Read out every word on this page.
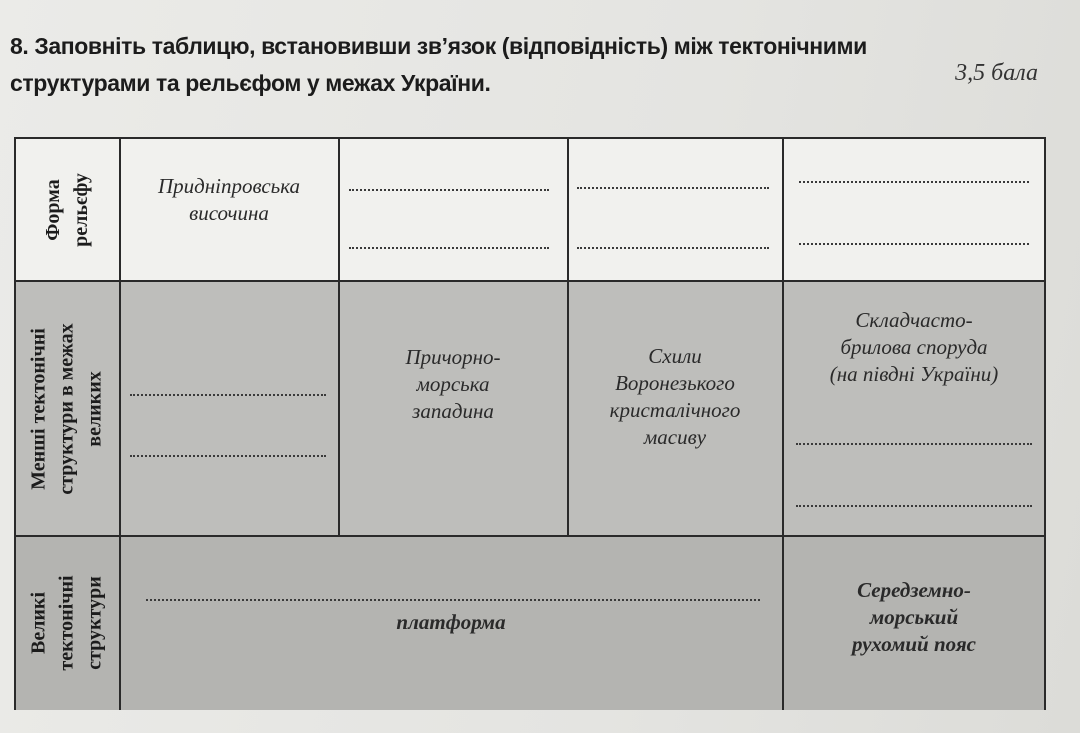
8. Заповніть таблицю, встановивши зв’язок (відповідність) між тектонічними
структурами та рельєфом у межах України.	3,5 бала
Форма рельєфу
Менші тектонічні структури в межах великих
Великі тектонічні структури
Придніпровська
височина
Причорно-
морська
западина
Схили
Воронезького
кристалічного
масиву
Складчасто-
брилова споруда
(на півдні України)
платформа
Середземно-
морський
рухомий пояс
